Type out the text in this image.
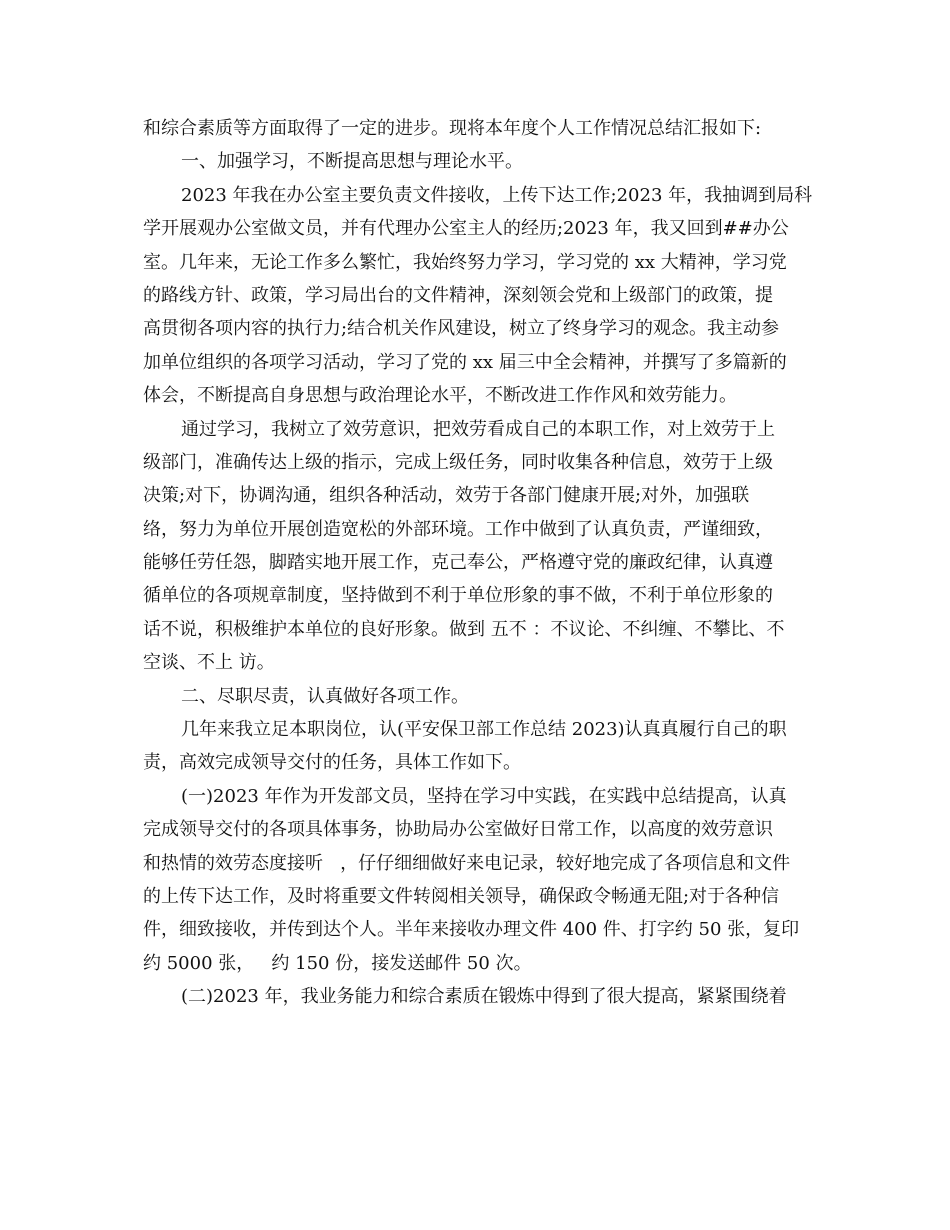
和综合素质等方面取得了一定的进步。现将本年度个人工作情况总结汇报如下:
一、加强学习，不断提高思想与理论水平。
2023 年我在办公室主要负责文件接收，上传下达工作;2023 年，我抽调到局科
学开展观办公室做文员，并有代理办公室主人的经历;2023 年，我又回到##办公
室。几年来，无论工作多么繁忙，我始终努力学习，学习党的 xx 大精神，学习党
的路线方针、政策，学习局出台的文件精神，深刻领会党和上级部门的政策，提
高贯彻各项内容的执行力;结合机关作风建设，树立了终身学习的观念。我主动参
加单位组织的各项学习活动，学习了党的 xx 届三中全会精神，并撰写了多篇新的
体会，不断提高自身思想与政治理论水平，不断改进工作作风和效劳能力。
通过学习，我树立了效劳意识，把效劳看成自己的本职工作，对上效劳于上
级部门，准确传达上级的指示，完成上级任务，同时收集各种信息，效劳于上级
决策;对下，协调沟通，组织各种活动，效劳于各部门健康开展;对外，加强联
络，努力为单位开展创造宽松的外部环境。工作中做到了认真负责，严谨细致，
能够任劳任怨，脚踏实地开展工作，克己奉公，严格遵守党的廉政纪律，认真遵
循单位的各项规章制度，坚持做到不利于单位形象的事不做，不利于单位形象的
话不说，积极维护本单位的良好形象。做到 五不 ：不议论、不纠缠、不攀比、不
空谈、不上 访。
二、尽职尽责，认真做好各项工作。
几年来我立足本职岗位，认(平安保卫部工作总结 2023)认真真履行自己的职
责，高效完成领导交付的任务，具体工作如下。
(一)2023 年作为开发部文员，坚持在学习中实践，在实践中总结提高，认真
完成领导交付的各项具体事务，协助局办公室做好日常工作，以高度的效劳意识
和热情的效劳态度接听   ，仔仔细细做好来电记录，较好地完成了各项信息和文件
的上传下达工作，及时将重要文件转阅相关领导，确保政令畅通无阻;对于各种信
件，细致接收，并传到达个人。半年来接收办理文件 400 件、打字约 50 张，复印
约 5000 张，   约 150 份，接发送邮件 50 次。
(二)2023 年，我业务能力和综合素质在锻炼中得到了很大提高，紧紧围绕着
